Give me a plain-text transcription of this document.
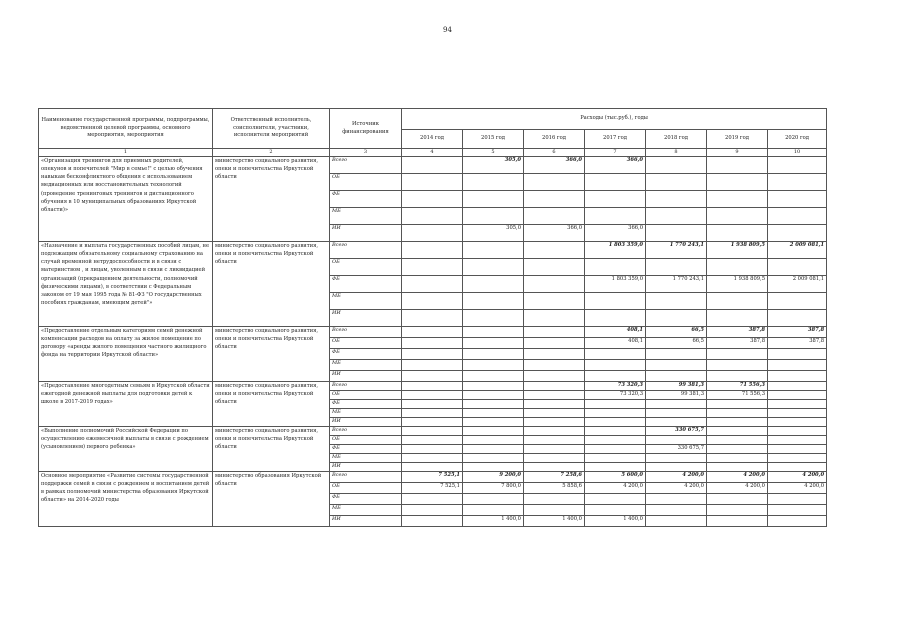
94
Наименование государственной программы, подпрограммы, ведомственной целевой программы, основного мероприятия, мероприятия	Ответственный исполнитель, соисполнители, участники, исполнители мероприятий	Источник финансирования	Расходы (тыс.руб.), годы						
			2014 год	2015 год	2016 год	2017 год	2018 год	2019 год	2020 год
1	2	3	4	5	6	7	8	9	10
«Организация тренингов для приемных родителей, опекунов и попечителей "Мир в семье!" с целью обучения навыкам бесконфликтного общения с использованием медиационных или восстановительных технологий (проведение тренинговых тренингов и дистанционного обучения в 10 муниципальных образованиях Иркутской области)»	министерство социального развития, опеки и попечительства Иркутской области	Всего		305,0	366,0	366,0			
		ОБ							
		ФБ							
		МБ							
		ИИ		305,0	366,0	366,0			
«Назначение и выплата государственных пособий лицам, не подлежащим обязательному социальному страхованию на случай временной нетрудоспособности и в связи с материнством , и лицам, уволенным в связи с ликвидацией организаций (прекращением деятельности, полномочий физическими лицами), в соответствии с Федеральным законом от 19 мая 1995 года № 81-ФЗ "О государственных пособиях гражданам, имеющим детей"»	министерство социального развития, опеки и попечительства Иркутской области	Всего				1 803 359,0	1 770 243,1	1 938 809,5	2 009 081,1
		ОБ							
		ФБ				1 803 359,0	1 770 243,1	1 938 809,5	2 009 081,1
		МБ							
		ИИ							
«Предоставление отдельным категориям семей денежной компенсации расходов на оплату за жилое помещение по договору «аренды жилого помещения частного жилищного фонда на территории Иркутской области»	министерство социального развития, опеки и попечительства Иркутской области	Всего				408,1	66,5	387,8	387,8
		ОБ				408,1	66,5	387,8	387,8
		ФБ							
		МБ							
		ИИ							
«Предоставление многодетным семьям в Иркутской области ежегодной денежной выплаты для подготовки детей к школе в 2017-2019 годах»	министерство социального развития, опеки и попечительства Иркутской области	Всего				73 320,3	99 381,3	71 556,3	
		ОБ				73 320,3	99 381,3	71 556,3	
		ФБ							
		МБ							
		ИИ							
«Выполнение полномочий Российской Федерации по осуществлению ежемесячной выплаты в связи с рождением (усыновлением) первого ребенка»	министерство социального развития, опеки и попечительства Иркутской области	Всего					330 675,7		
		ОБ							
		ФБ					330 675,7		
		МБ							
		ИИ							
Основное мероприятие «Развитие системы государственной поддержки семей в связи с рождением и воспитанием детей в рамках полномочий министерства образования Иркутской области» на 2014-2020 годы	министерство образования Иркутской области	Всего	7 525,1	9 200,0	7 258,6	5 600,0	4 200,0	4 200,0	4 200,0
		ОБ	7 525,1	7 800,0	5 858,6	4 200,0	4 200,0	4 200,0	4 200,0
		ФБ							
		МБ							
		ИИ		1 400,0	1 400,0	1 400,0			
